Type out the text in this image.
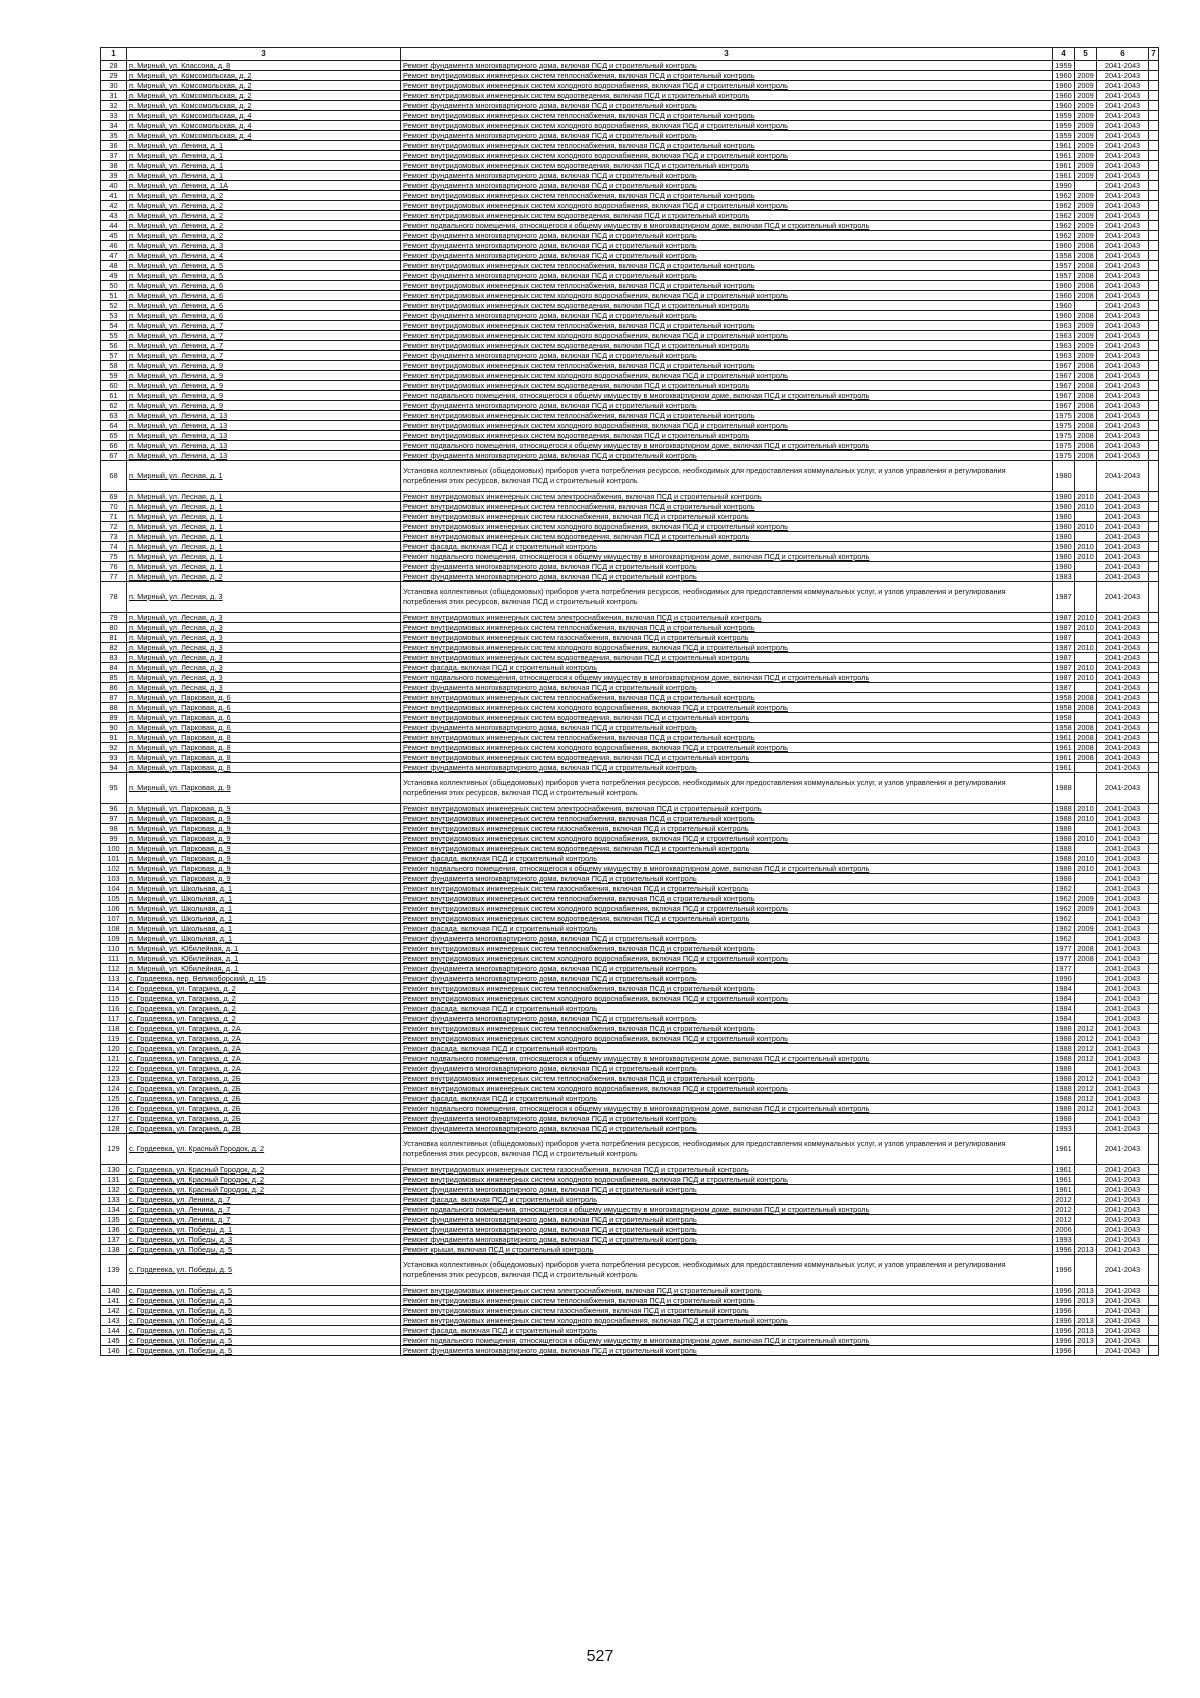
1	3	3	4	5	6	7
28	п. Мирный, ул. Классона, д. 8	Ремонт фундамента многоквартирного дома, включая ПСД и строительный контроль	1959		2041-2043	
29	п. Мирный, ул. Комсомольская, д. 2	Ремонт внутридомовых инженерных систем теплоснабжения, включая ПСД и строительный контроль	1960	2009	2041-2043	
30	п. Мирный, ул. Комсомольская, д. 2	Ремонт внутридомовых инженерных систем холодного водоснабжения, включая ПСД и строительный контроль	1960	2009	2041-2043	
31	п. Мирный, ул. Комсомольская, д. 2	Ремонт внутридомовых инженерных систем водоотведения, включая ПСД и строительный контроль	1960	2009	2041-2043	
32	п. Мирный, ул. Комсомольская, д. 2	Ремонт фундамента многоквартирного дома, включая ПСД и строительный контроль	1960	2009	2041-2043	
33	п. Мирный, ул. Комсомольская, д. 4	Ремонт внутридомовых инженерных систем теплоснабжения, включая ПСД и строительный контроль	1959	2009	2041-2043	
34	п. Мирный, ул. Комсомольская, д. 4	Ремонт внутридомовых инженерных систем холодного водоснабжения, включая ПСД и строительный контроль	1959	2009	2041-2043	
35	п. Мирный, ул. Комсомольская, д. 4	Ремонт фундамента многоквартирного дома, включая ПСД и строительный контроль	1959	2009	2041-2043	
36	п. Мирный, ул. Ленина, д. 1	Ремонт внутридомовых инженерных систем теплоснабжения, включая ПСД и строительный контроль	1961	2009	2041-2043	
37	п. Мирный, ул. Ленина, д. 1	Ремонт внутридомовых инженерных систем холодного водоснабжения, включая ПСД и строительный контроль	1961	2009	2041-2043	
38	п. Мирный, ул. Ленина, д. 1	Ремонт внутридомовых инженерных систем водоотведения, включая ПСД и строительный контроль	1961	2009	2041-2043	
39	п. Мирный, ул. Ленина, д. 1	Ремонт фундамента многоквартирного дома, включая ПСД и строительный контроль	1961	2009	2041-2043	
40	п. Мирный, ул. Ленина, д. 1А	Ремонт фундамента многоквартирного дома, включая ПСД и строительный контроль	1990		2041-2043	
41	п. Мирный, ул. Ленина, д. 2	Ремонт внутридомовых инженерных систем теплоснабжения, включая ПСД и строительный контроль	1962	2009	2041-2043	
42	п. Мирный, ул. Ленина, д. 2	Ремонт внутридомовых инженерных систем холодного водоснабжения, включая ПСД и строительный контроль	1962	2009	2041-2043	
43	п. Мирный, ул. Ленина, д. 2	Ремонт внутридомовых инженерных систем водоотведения, включая ПСД и строительный контроль	1962	2009	2041-2043	
44	п. Мирный, ул. Ленина, д. 2	Ремонт подвального помещения, относящегося к общему имуществу в многоквартирном доме, включая ПСД и строительный контроль	1962	2009	2041-2043	
45	п. Мирный, ул. Ленина, д. 2	Ремонт фундамента многоквартирного дома, включая ПСД и строительный контроль	1962	2009	2041-2043	
46	п. Мирный, ул. Ленина, д. 3	Ремонт фундамента многоквартирного дома, включая ПСД и строительный контроль	1960	2008	2041-2043	
47	п. Мирный, ул. Ленина, д. 4	Ремонт фундамента многоквартирного дома, включая ПСД и строительный контроль	1958	2008	2041-2043	
48	п. Мирный, ул. Ленина, д. 5	Ремонт внутридомовых инженерных систем теплоснабжения, включая ПСД и строительный контроль	1957	2008	2041-2043	
49	п. Мирный, ул. Ленина, д. 5	Ремонт фундамента многоквартирного дома, включая ПСД и строительный контроль	1957	2008	2041-2043	
50	п. Мирный, ул. Ленина, д. 6	Ремонт внутридомовых инженерных систем теплоснабжения, включая ПСД и строительный контроль	1960	2008	2041-2043	
51	п. Мирный, ул. Ленина, д. 6	Ремонт внутридомовых инженерных систем холодного водоснабжения, включая ПСД и строительный контроль	1960	2008	2041-2043	
52	п. Мирный, ул. Ленина, д. 6	Ремонт внутридомовых инженерных систем водоотведения, включая ПСД и строительный контроль	1960		2041-2043	
53	п. Мирный, ул. Ленина, д. 6	Ремонт фундамента многоквартирного дома, включая ПСД и строительный контроль	1960	2008	2041-2043	
54	п. Мирный, ул. Ленина, д. 7	Ремонт внутридомовых инженерных систем теплоснабжения, включая ПСД и строительный контроль	1963	2009	2041-2043	
55	п. Мирный, ул. Ленина, д. 7	Ремонт внутридомовых инженерных систем холодного водоснабжения, включая ПСД и строительный контроль	1963	2009	2041-2043	
56	п. Мирный, ул. Ленина, д. 7	Ремонт внутридомовых инженерных систем водоотведения, включая ПСД и строительный контроль	1963	2009	2041-2043	
57	п. Мирный, ул. Ленина, д. 7	Ремонт фундамента многоквартирного дома, включая ПСД и строительный контроль	1963	2009	2041-2043	
58	п. Мирный, ул. Ленина, д. 9	Ремонт внутридомовых инженерных систем теплоснабжения, включая ПСД и строительный контроль	1967	2008	2041-2043	
59	п. Мирный, ул. Ленина, д. 9	Ремонт внутридомовых инженерных систем холодного водоснабжения, включая ПСД и строительный контроль	1967	2008	2041-2043	
60	п. Мирный, ул. Ленина, д. 9	Ремонт внутридомовых инженерных систем водоотведения, включая ПСД и строительный контроль	1967	2008	2041-2043	
61	п. Мирный, ул. Ленина, д. 9	Ремонт подвального помещения, относящегося к общему имуществу в многоквартирном доме, включая ПСД и строительный контроль	1967	2008	2041-2043	
62	п. Мирный, ул. Ленина, д. 9	Ремонт фундамента многоквартирного дома, включая ПСД и строительный контроль	1967	2008	2041-2043	
63	п. Мирный, ул. Ленина, д. 13	Ремонт внутридомовых инженерных систем теплоснабжения, включая ПСД и строительный контроль	1975	2008	2041-2043	
64	п. Мирный, ул. Ленина, д. 13	Ремонт внутридомовых инженерных систем холодного водоснабжения, включая ПСД и строительный контроль	1975	2008	2041-2043	
65	п. Мирный, ул. Ленина, д. 13	Ремонт внутридомовых инженерных систем водоотведения, включая ПСД и строительный контроль	1975	2008	2041-2043	
66	п. Мирный, ул. Ленина, д. 13	Ремонт подвального помещения, относящегося к общему имуществу в многоквартирном доме, включая ПСД и строительный контроль	1975	2008	2041-2043	
67	п. Мирный, ул. Ленина, д. 13	Ремонт фундамента многоквартирного дома, включая ПСД и строительный контроль	1975	2008	2041-2043	
68	п. Мирный, ул. Лесная, д. 1	Установка коллективных (общедомовых) приборов учета потребления ресурсов, необходимых для предоставления коммунальных услуг, и узлов управления и регулирования потребления этих ресурсов, включая ПСД и строительный контроль	1980		2041-2043	
69	п. Мирный, ул. Лесная, д. 1	Ремонт внутридомовых инженерных систем электроснабжения, включая ПСД и строительный контроль	1980	2010	2041-2043	
70	п. Мирный, ул. Лесная, д. 1	Ремонт внутридомовых инженерных систем теплоснабжения, включая ПСД и строительный контроль	1980	2010	2041-2043	
71	п. Мирный, ул. Лесная, д. 1	Ремонт внутридомовых инженерных систем газоснабжения, включая ПСД и строительный контроль	1980		2041-2043	
72	п. Мирный, ул. Лесная, д. 1	Ремонт внутридомовых инженерных систем холодного водоснабжения, включая ПСД и строительный контроль	1980	2010	2041-2043	
73	п. Мирный, ул. Лесная, д. 1	Ремонт внутридомовых инженерных систем водоотведения, включая ПСД и строительный контроль	1980		2041-2043	
74	п. Мирный, ул. Лесная, д. 1	Ремонт фасада, включая ПСД и строительный контроль	1980	2010	2041-2043	
75	п. Мирный, ул. Лесная, д. 1	Ремонт подвального помещения, относящегося к общему имуществу в многоквартирном доме, включая ПСД и строительный контроль	1980	2010	2041-2043	
76	п. Мирный, ул. Лесная, д. 1	Ремонт фундамента многоквартирного дома, включая ПСД и строительный контроль	1980		2041-2043	
77	п. Мирный, ул. Лесная, д. 2	Ремонт фундамента многоквартирного дома, включая ПСД и строительный контроль	1983		2041-2043	
78	п. Мирный, ул. Лесная, д. 3	Установка коллективных (общедомовых) приборов учета потребления ресурсов, необходимых для предоставления коммунальных услуг, и узлов управления и регулирования потребления этих ресурсов, включая ПСД и строительный контроль	1987		2041-2043	
79	п. Мирный, ул. Лесная, д. 3	Ремонт внутридомовых инженерных систем электроснабжения, включая ПСД и строительный контроль	1987	2010	2041-2043	
80	п. Мирный, ул. Лесная, д. 3	Ремонт внутридомовых инженерных систем теплоснабжения, включая ПСД и строительный контроль	1987	2010	2041-2043	
81	п. Мирный, ул. Лесная, д. 3	Ремонт внутридомовых инженерных систем газоснабжения, включая ПСД и строительный контроль	1987		2041-2043	
82	п. Мирный, ул. Лесная, д. 3	Ремонт внутридомовых инженерных систем холодного водоснабжения, включая ПСД и строительный контроль	1987	2010	2041-2043	
83	п. Мирный, ул. Лесная, д. 3	Ремонт внутридомовых инженерных систем водоотведения, включая ПСД и строительный контроль	1987		2041-2043	
84	п. Мирный, ул. Лесная, д. 3	Ремонт фасада, включая ПСД и строительный контроль	1987	2010	2041-2043	
85	п. Мирный, ул. Лесная, д. 3	Ремонт подвального помещения, относящегося к общему имуществу в многоквартирном доме, включая ПСД и строительный контроль	1987	2010	2041-2043	
86	п. Мирный, ул. Лесная, д. 3	Ремонт фундамента многоквартирного дома, включая ПСД и строительный контроль	1987		2041-2043	
87	п. Мирный, ул. Парковая, д. 6	Ремонт внутридомовых инженерных систем теплоснабжения, включая ПСД и строительный контроль	1958	2008	2041-2043	
88	п. Мирный, ул. Парковая, д. 6	Ремонт внутридомовых инженерных систем холодного водоснабжения, включая ПСД и строительный контроль	1958	2008	2041-2043	
89	п. Мирный, ул. Парковая, д. 6	Ремонт внутридомовых инженерных систем водоотведения, включая ПСД и строительный контроль	1958		2041-2043	
90	п. Мирный, ул. Парковая, д. 6	Ремонт фундамента многоквартирного дома, включая ПСД и строительный контроль	1958	2008	2041-2043	
91	п. Мирный, ул. Парковая, д. 8	Ремонт внутридомовых инженерных систем теплоснабжения, включая ПСД и строительный контроль	1961	2008	2041-2043	
92	п. Мирный, ул. Парковая, д. 8	Ремонт внутридомовых инженерных систем холодного водоснабжения, включая ПСД и строительный контроль	1961	2008	2041-2043	
93	п. Мирный, ул. Парковая, д. 8	Ремонт внутридомовых инженерных систем водоотведения, включая ПСД и строительный контроль	1961	2008	2041-2043	
94	п. Мирный, ул. Парковая, д. 8	Ремонт фундамента многоквартирного дома, включая ПСД и строительный контроль	1961		2041-2043	
95	п. Мирный, ул. Парковая, д. 9	Установка коллективных (общедомовых) приборов учета потребления ресурсов, необходимых для предоставления коммунальных услуг, и узлов управления и регулирования потребления этих ресурсов, включая ПСД и строительный контроль	1988		2041-2043	
96	п. Мирный, ул. Парковая, д. 9	Ремонт внутридомовых инженерных систем электроснабжения, включая ПСД и строительный контроль	1988	2010	2041-2043	
97	п. Мирный, ул. Парковая, д. 9	Ремонт внутридомовых инженерных систем теплоснабжения, включая ПСД и строительный контроль	1988	2010	2041-2043	
98	п. Мирный, ул. Парковая, д. 9	Ремонт внутридомовых инженерных систем газоснабжения, включая ПСД и строительный контроль	1988		2041-2043	
99	п. Мирный, ул. Парковая, д. 9	Ремонт внутридомовых инженерных систем холодного водоснабжения, включая ПСД и строительный контроль	1988	2010	2041-2043	
100	п. Мирный, ул. Парковая, д. 9	Ремонт внутридомовых инженерных систем водоотведения, включая ПСД и строительный контроль	1988		2041-2043	
101	п. Мирный, ул. Парковая, д. 9	Ремонт фасада, включая ПСД и строительный контроль	1988	2010	2041-2043	
102	п. Мирный, ул. Парковая, д. 9	Ремонт подвального помещения, относящегося к общему имуществу в многоквартирном доме, включая ПСД и строительный контроль	1988	2010	2041-2043	
103	п. Мирный, ул. Парковая, д. 9	Ремонт фундамента многоквартирного дома, включая ПСД и строительный контроль	1988		2041-2043	
104	п. Мирный, ул. Школьная, д. 1	Ремонт внутридомовых инженерных систем газоснабжения, включая ПСД и строительный контроль	1962		2041-2043	
105	п. Мирный, ул. Школьная, д. 1	Ремонт внутридомовых инженерных систем теплоснабжения, включая ПСД и строительный контроль	1962	2009	2041-2043	
106	п. Мирный, ул. Школьная, д. 1	Ремонт внутридомовых инженерных систем холодного водоснабжения, включая ПСД и строительный контроль	1962	2009	2041-2043	
107	п. Мирный, ул. Школьная, д. 1	Ремонт внутридомовых инженерных систем водоотведения, включая ПСД и строительный контроль	1962		2041-2043	
108	п. Мирный, ул. Школьная, д. 1	Ремонт фасада, включая ПСД и строительный контроль	1962	2009	2041-2043	
109	п. Мирный, ул. Школьная, д. 1	Ремонт фундамента многоквартирного дома, включая ПСД и строительный контроль	1962		2041-2043	
110	п. Мирный, ул. Юбилейная, д. 1	Ремонт внутридомовых инженерных систем теплоснабжения, включая ПСД и строительный контроль	1977	2008	2041-2043	
111	п. Мирный, ул. Юбилейная, д. 1	Ремонт внутридомовых инженерных систем холодного водоснабжения, включая ПСД и строительный контроль	1977	2008	2041-2043	
112	п. Мирный, ул. Юбилейная, д. 1	Ремонт фундамента многоквартирного дома, включая ПСД и строительный контроль	1977		2041-2043	
113	с. Гордеевка, пер. Великоборский, д. 15	Ремонт фундамента многоквартирного дома, включая ПСД и строительный контроль	1990		2041-2043	
114	с. Гордеевка, ул. Гагарина, д. 2	Ремонт внутридомовых инженерных систем теплоснабжения, включая ПСД и строительный контроль	1984		2041-2043	
115	с. Гордеевка, ул. Гагарина, д. 2	Ремонт внутридомовых инженерных систем холодного водоснабжения, включая ПСД и строительный контроль	1984		2041-2043	
116	с. Гордеевка, ул. Гагарина, д. 2	Ремонт фасада, включая ПСД и строительный контроль	1984		2041-2043	
117	с. Гордеевка, ул. Гагарина, д. 2	Ремонт фундамента многоквартирного дома, включая ПСД и строительный контроль	1984		2041-2043	
118	с. Гордеевка, ул. Гагарина, д. 2А	Ремонт внутридомовых инженерных систем теплоснабжения, включая ПСД и строительный контроль	1988	2012	2041-2043	
119	с. Гордеевка, ул. Гагарина, д. 2А	Ремонт внутридомовых инженерных систем холодного водоснабжения, включая ПСД и строительный контроль	1988	2012	2041-2043	
120	с. Гордеевка, ул. Гагарина, д. 2А	Ремонт фасада, включая ПСД и строительный контроль	1988	2012	2041-2043	
121	с. Гордеевка, ул. Гагарина, д. 2А	Ремонт подвального помещения, относящегося к общему имуществу в многоквартирном доме, включая ПСД и строительный контроль	1988	2012	2041-2043	
122	с. Гордеевка, ул. Гагарина, д. 2А	Ремонт фундамента многоквартирного дома, включая ПСД и строительный контроль	1988		2041-2043	
123	с. Гордеевка, ул. Гагарина, д. 2Б	Ремонт внутридомовых инженерных систем теплоснабжения, включая ПСД и строительный контроль	1988	2012	2041-2043	
124	с. Гордеевка, ул. Гагарина, д. 2Б	Ремонт внутридомовых инженерных систем холодного водоснабжения, включая ПСД и строительный контроль	1988	2012	2041-2043	
125	с. Гордеевка, ул. Гагарина, д. 2Б	Ремонт фасада, включая ПСД и строительный контроль	1988	2012	2041-2043	
126	с. Гордеевка, ул. Гагарина, д. 2Б	Ремонт подвального помещения, относящегося к общему имуществу в многоквартирном доме, включая ПСД и строительный контроль	1988	2012	2041-2043	
127	с. Гордеевка, ул. Гагарина, д. 2Б	Ремонт фундамента многоквартирного дома, включая ПСД и строительный контроль	1988		2041-2043	
128	с. Гордеевка, ул. Гагарина, д. 2В	Ремонт фундамента многоквартирного дома, включая ПСД и строительный контроль	1993		2041-2043	
129	с. Гордеевка, ул. Красный Городок, д. 2	Установка коллективных (общедомовых) приборов учета потребления ресурсов, необходимых для предоставления коммунальных услуг, и узлов управления и регулирования потребления этих ресурсов, включая ПСД и строительный контроль	1961		2041-2043	
130	с. Гордеевка, ул. Красный Городок, д. 2	Ремонт внутридомовых инженерных систем газоснабжения, включая ПСД и строительный контроль	1961		2041-2043	
131	с. Гордеевка, ул. Красный Городок, д. 2	Ремонт внутридомовых инженерных систем холодного водоснабжения, включая ПСД и строительный контроль	1961		2041-2043	
132	с. Гордеевка, ул. Красный Городок, д. 2	Ремонт фундамента многоквартирного дома, включая ПСД и строительный контроль	1961		2041-2043	
133	с. Гордеевка, ул. Ленина, д. 7	Ремонт фасада, включая ПСД и строительный контроль	2012		2041-2043	
134	с. Гордеевка, ул. Ленина, д. 7	Ремонт подвального помещения, относящегося к общему имуществу в многоквартирном доме, включая ПСД и строительный контроль	2012		2041-2043	
135	с. Гордеевка, ул. Ленина, д. 7	Ремонт фундамента многоквартирного дома, включая ПСД и строительный контроль	2012		2041-2043	
136	с. Гордеевка, ул. Победы, д. 1	Ремонт фундамента многоквартирного дома, включая ПСД и строительный контроль	2006		2041-2043	
137	с. Гордеевка, ул. Победы, д. 3	Ремонт фундамента многоквартирного дома, включая ПСД и строительный контроль	1993		2041-2043	
138	с. Гордеевка, ул. Победы, д. 5	Ремонт крыши, включая ПСД и строительный контроль	1996	2013	2041-2043	
139	с. Гордеевка, ул. Победы, д. 5	Установка коллективных (общедомовых) приборов учета потребления ресурсов, необходимых для предоставления коммунальных услуг, и узлов управления и регулирования потребления этих ресурсов, включая ПСД и строительный контроль	1996		2041-2043	
140	с. Гордеевка, ул. Победы, д. 5	Ремонт внутридомовых инженерных систем электроснабжения, включая ПСД и строительный контроль	1996	2013	2041-2043	
141	с. Гордеевка, ул. Победы, д. 5	Ремонт внутридомовых инженерных систем теплоснабжения, включая ПСД и строительный контроль	1996	2013	2041-2043	
142	с. Гордеевка, ул. Победы, д. 5	Ремонт внутридомовых инженерных систем газоснабжения, включая ПСД и строительный контроль	1996		2041-2043	
143	с. Гордеевка, ул. Победы, д. 5	Ремонт внутридомовых инженерных систем холодного водоснабжения, включая ПСД и строительный контроль	1996	2013	2041-2043	
144	с. Гордеевка, ул. Победы, д. 5	Ремонт фасада, включая ПСД и строительный контроль	1996	2013	2041-2043	
145	с. Гордеевка, ул. Победы, д. 5	Ремонт подвального помещения, относящегося к общему имуществу в многоквартирном доме, включая ПСД и строительный контроль	1996	2013	2041-2043	
146	с. Гордеевка, ул. Победы, д. 5	Ремонт фундамента многоквартирного дома, включая ПСД и строительный контроль	1996		2041-2043	
527
